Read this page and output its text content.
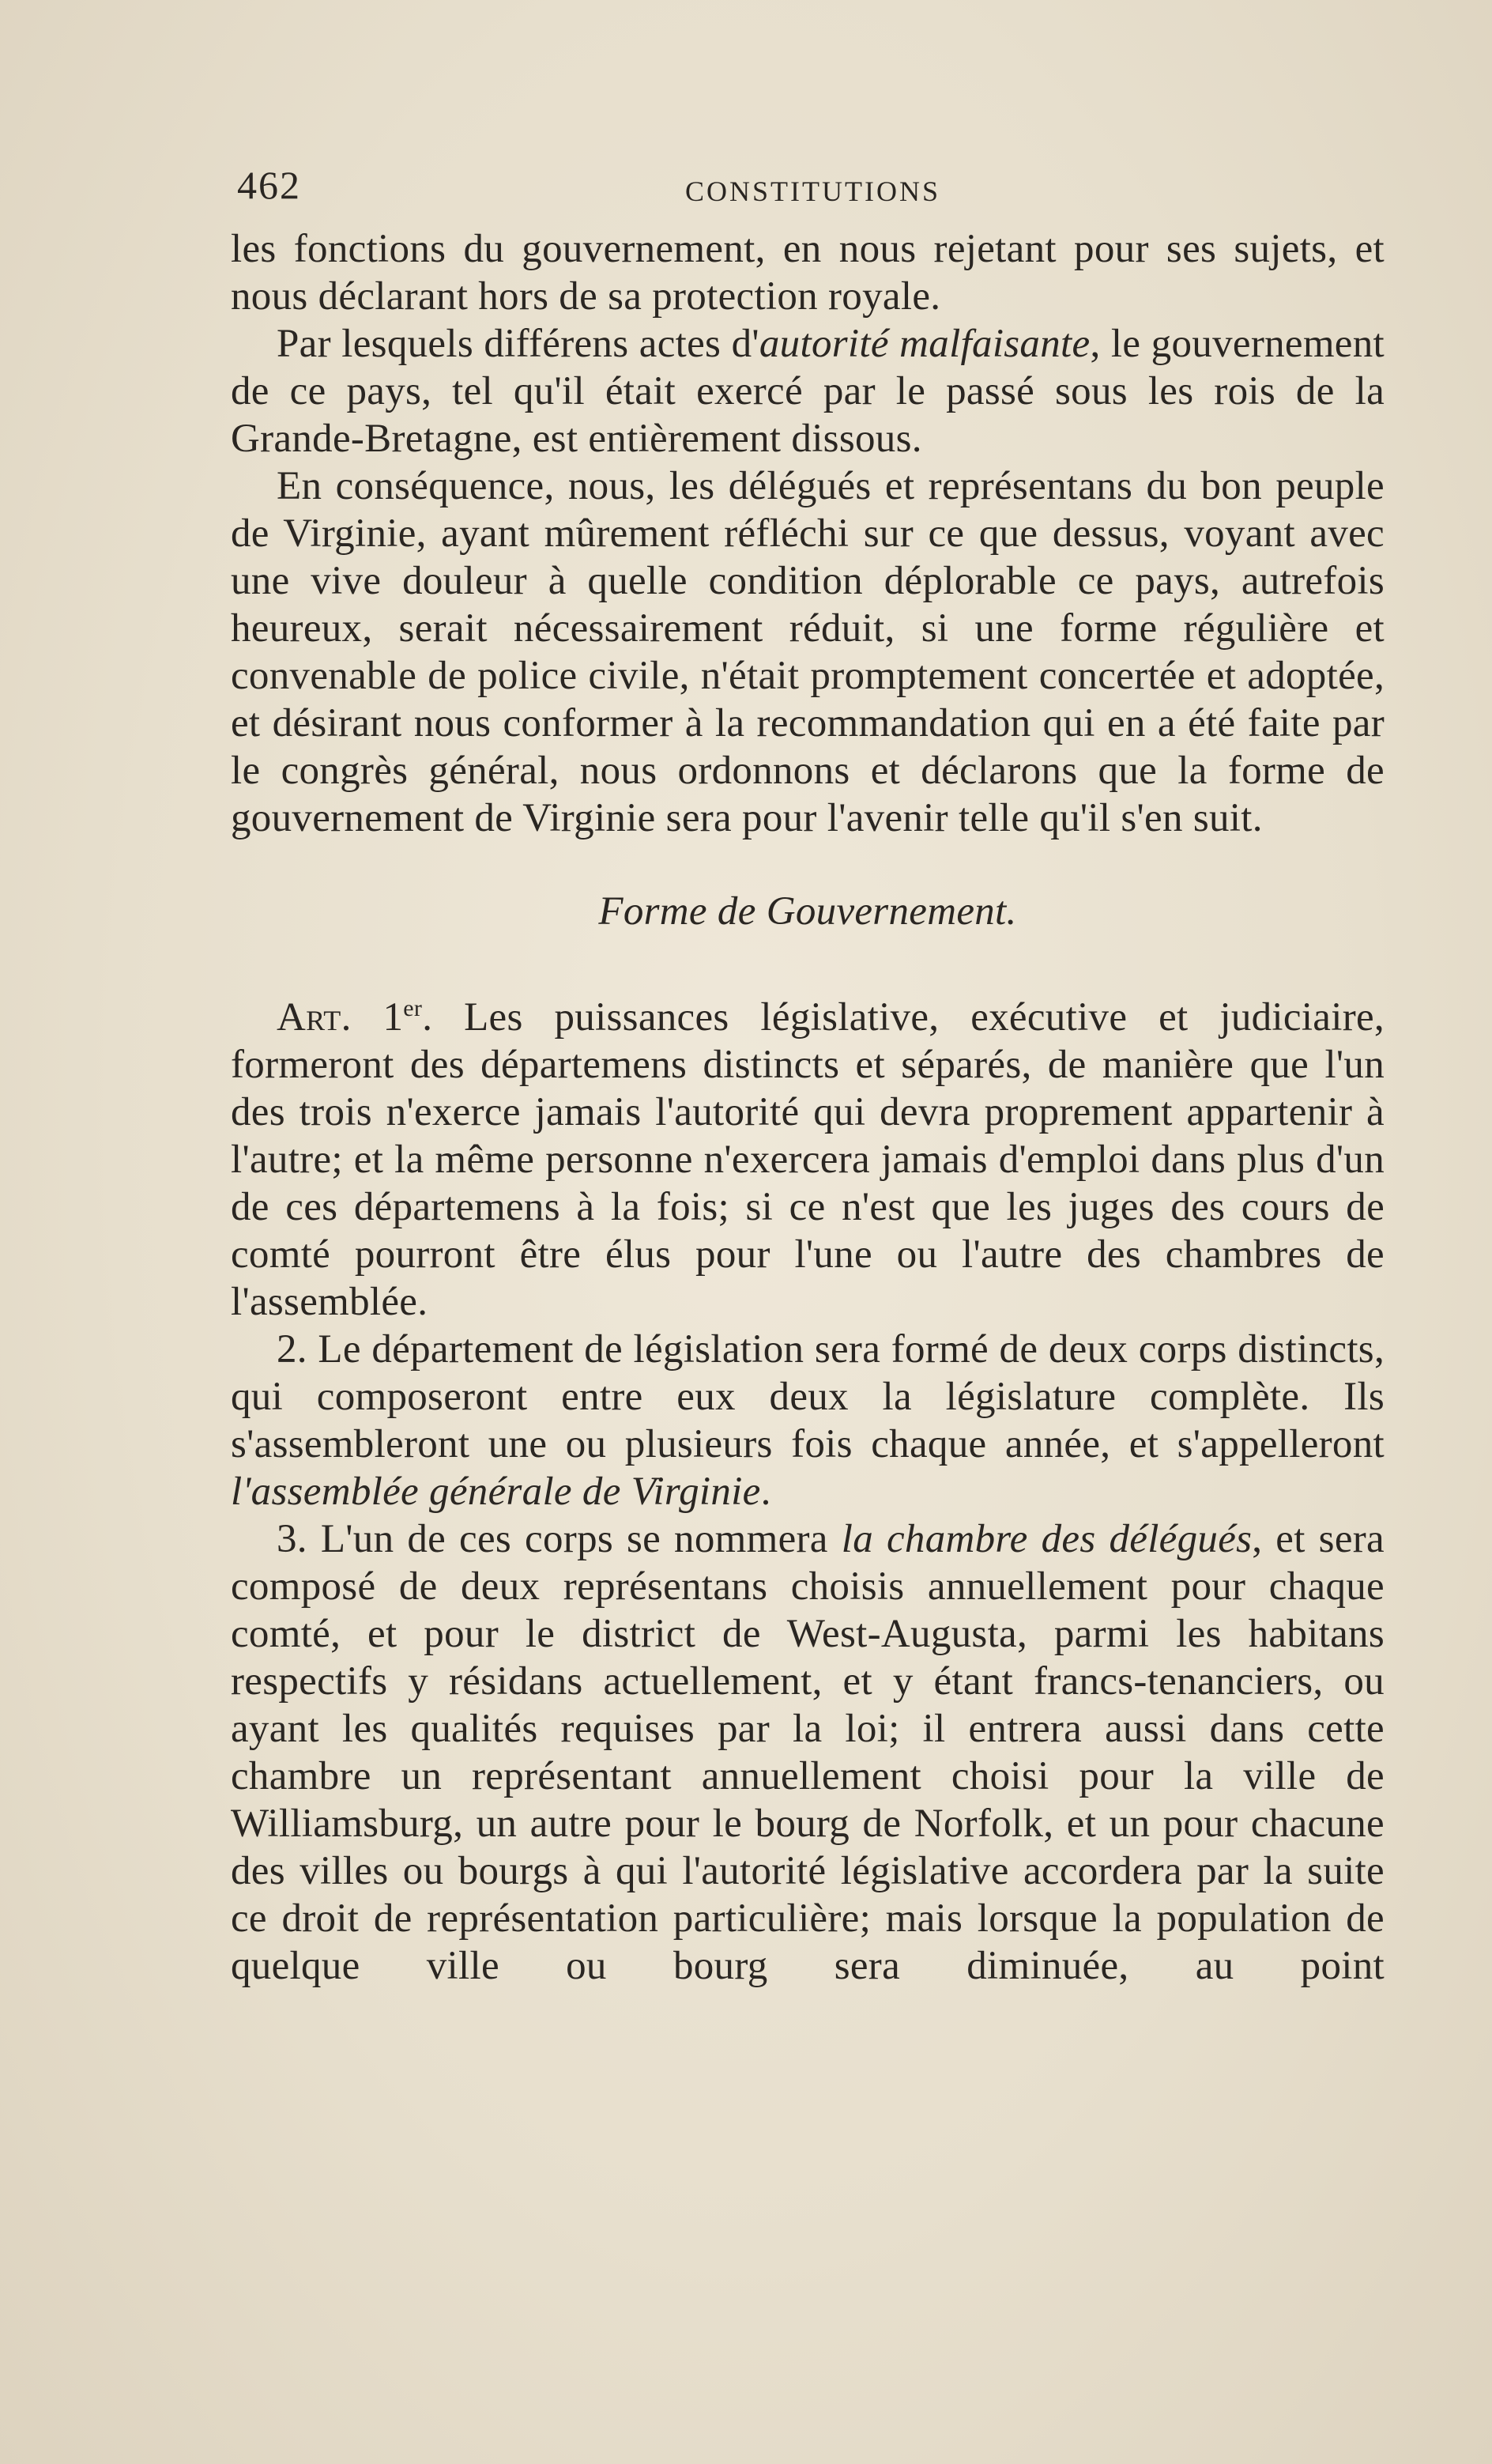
462	CONSTITUTIONS

les fonctions du gouvernement, en nous rejetant pour ses sujets, et nous déclarant hors de sa protection royale.

Par lesquels différens actes d'autorité malfaisante, le gouvernement de ce pays, tel qu'il était exercé par le passé sous les rois de la Grande-Bretagne, est entièrement dissous.

En conséquence, nous, les délégués et représentans du bon peuple de Virginie, ayant mûrement réfléchi sur ce que dessus, voyant avec une vive douleur à quelle condition déplorable ce pays, autrefois heureux, serait nécessairement réduit, si une forme régulière et convenable de police civile, n'était promptement concertée et adoptée, et désirant nous conformer à la recommandation qui en a été faite par le congrès général, nous ordonnons et déclarons que la forme de gouvernement de Virginie sera pour l'avenir telle qu'il s'en suit.

Forme de Gouvernement.

Art. 1er. Les puissances législative, exécutive et judiciaire, formeront des départemens distincts et séparés, de manière que l'un des trois n'exerce jamais l'autorité qui devra proprement appartenir à l'autre; et la même personne n'exercera jamais d'emploi dans plus d'un de ces départemens à la fois; si ce n'est que les juges des cours de comté pourront être élus pour l'une ou l'autre des chambres de l'assemblée.

2. Le département de législation sera formé de deux corps distincts, qui composeront entre eux deux la législature complète. Ils s'assembleront une ou plusieurs fois chaque année, et s'appelleront l'assemblée générale de Virginie.

3. L'un de ces corps se nommera la chambre des délégués, et sera composé de deux représentans choisis annuellement pour chaque comté, et pour le district de West-Augusta, parmi les habitans respectifs y résidans actuellement, et y étant francs-tenanciers, ou ayant les qualités requises par la loi; il entrera aussi dans cette chambre un représentant annuellement choisi pour la ville de Williamsburg, un autre pour le bourg de Norfolk, et un pour chacune des villes ou bourgs à qui l'autorité législative accordera par la suite ce droit de représentation particulière; mais lorsque la population de quelque ville ou bourg sera diminuée, au point
